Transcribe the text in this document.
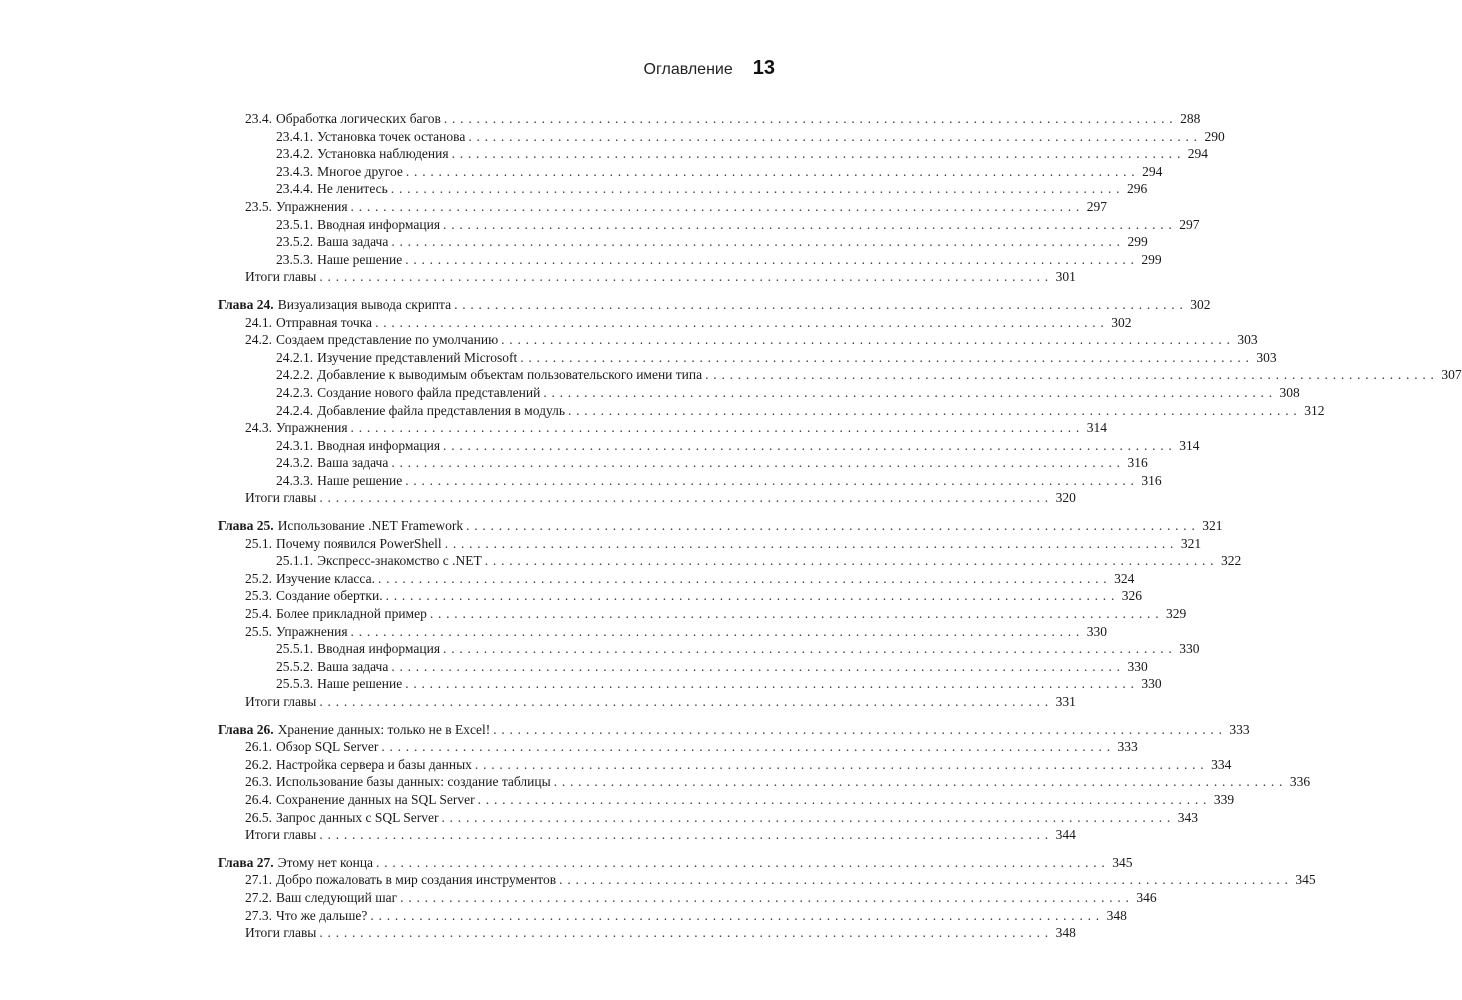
Оглавление 13
23.4. Обработка логических багов . . .	288
23.4.1. Установка точек останова . . .	290
23.4.2. Установка наблюдения . . .	294
23.4.3. Многое другое . . .	294
23.4.4. Не ленитесь . . .	296
23.5. Упражнения . . .	297
23.5.1. Вводная информация . . .	297
23.5.2. Ваша задача . . .	299
23.5.3. Наше решение . . .	299
Итоги главы . . .	301
Глава 24. Визуализация вывода скрипта . . .	302
24.1. Отправная точка . . .	302
24.2. Создаем представление по умолчанию . . .	303
24.2.1. Изучение представлений Microsoft . . .	303
24.2.2. Добавление к выводимым объектам пользовательского имени типа . . .	307
24.2.3. Создание нового файла представлений . . .	308
24.2.4. Добавление файла представления в модуль . . .	312
24.3. Упражнения . . .	314
24.3.1. Вводная информация . . .	314
24.3.2. Ваша задача . . .	316
24.3.3. Наше решение . . .	316
Итоги главы . . .	320
Глава 25. Использование .NET Framework . . .	321
25.1. Почему появился PowerShell . . .	321
25.1.1. Экспресс-знакомство с .NET . . .	322
25.2. Изучение класса. . . .	324
25.3. Создание обертки. . . .	326
25.4. Более прикладной пример . . .	329
25.5. Упражнения . . .	330
25.5.1. Вводная информация . . .	330
25.5.2. Ваша задача . . .	330
25.5.3. Наше решение . . .	330
Итоги главы . . .	331
Глава 26. Хранение данных: только не в Excel! . . .	333
26.1. Обзор SQL Server . . .	333
26.2. Настройка сервера и базы данных . . .	334
26.3. Использование базы данных: создание таблицы . . .	336
26.4. Сохранение данных на SQL Server . . .	339
26.5. Запрос данных с SQL Server . . .	343
Итоги главы . . .	344
Глава 27. Этому нет конца . . .	345
27.1. Добро пожаловать в мир создания инструментов . . .	345
27.2. Ваш следующий шаг . . .	346
27.3. Что же дальше? . . .	348
Итоги главы . . .	348
